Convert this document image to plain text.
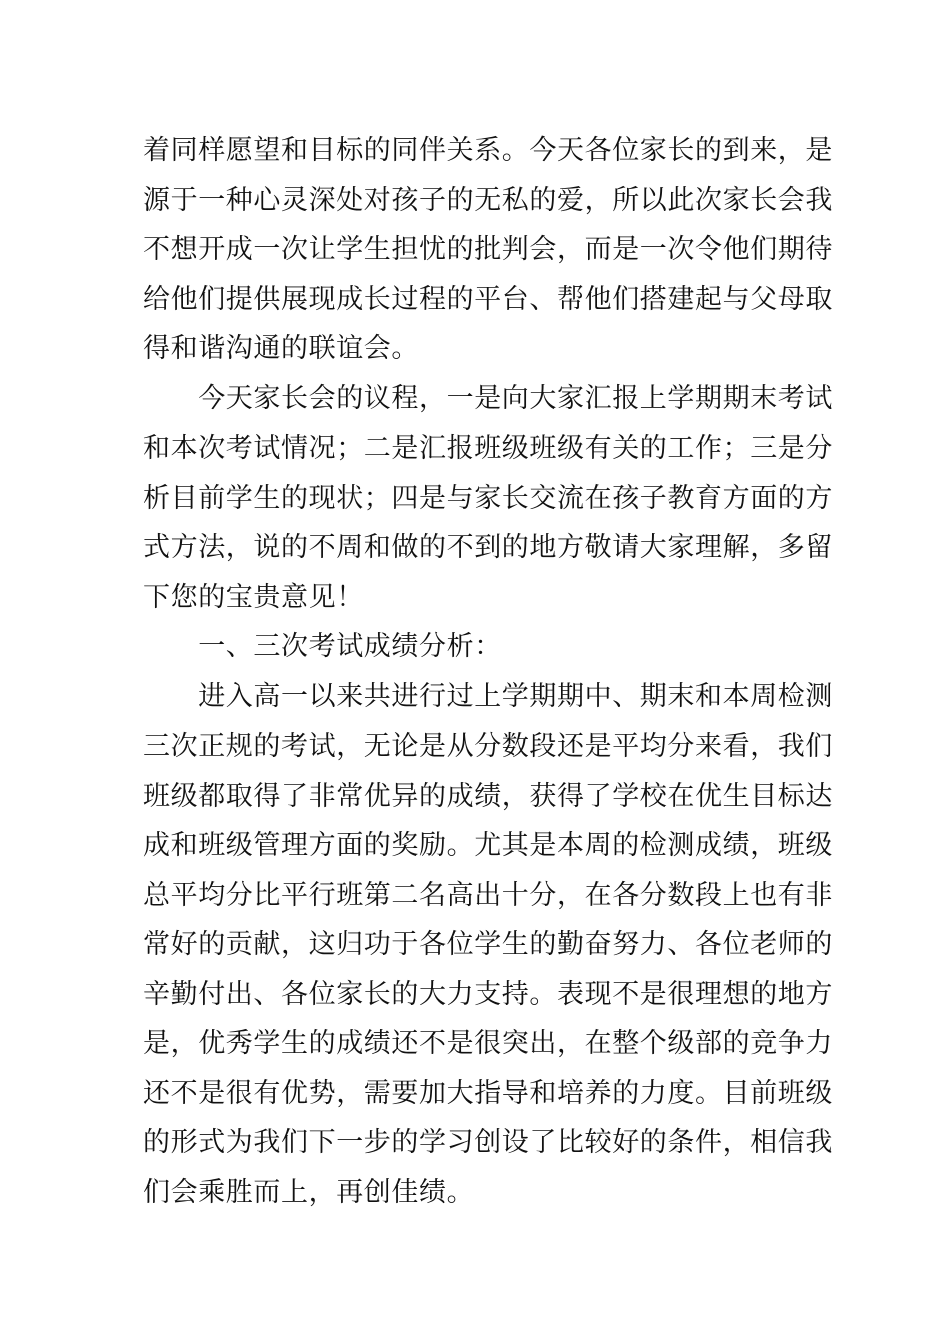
着同样愿望和目标的同伴关系。今天各位家长的到来，是
源于一种心灵深处对孩子的无私的爱，所以此次家长会我
不想开成一次让学生担忧的批判会，而是一次令他们期待
给他们提供展现成长过程的平台、帮他们搭建起与父母取
得和谐沟通的联谊会。
　　今天家长会的议程，一是向大家汇报上学期期末考试
和本次考试情况；二是汇报班级班级有关的工作；三是分
析目前学生的现状；四是与家长交流在孩子教育方面的方
式方法，说的不周和做的不到的地方敬请大家理解，多留
下您的宝贵意见！
　　一、三次考试成绩分析：
　　进入高一以来共进行过上学期期中、期末和本周检测
三次正规的考试，无论是从分数段还是平均分来看，我们
班级都取得了非常优异的成绩，获得了学校在优生目标达
成和班级管理方面的奖励。尤其是本周的检测成绩，班级
总平均分比平行班第二名高出十分，在各分数段上也有非
常好的贡献，这归功于各位学生的勤奋努力、各位老师的
辛勤付出、各位家长的大力支持。表现不是很理想的地方
是，优秀学生的成绩还不是很突出，在整个级部的竞争力
还不是很有优势，需要加大指导和培养的力度。目前班级
的形式为我们下一步的学习创设了比较好的条件，相信我
们会乘胜而上，再创佳绩。
